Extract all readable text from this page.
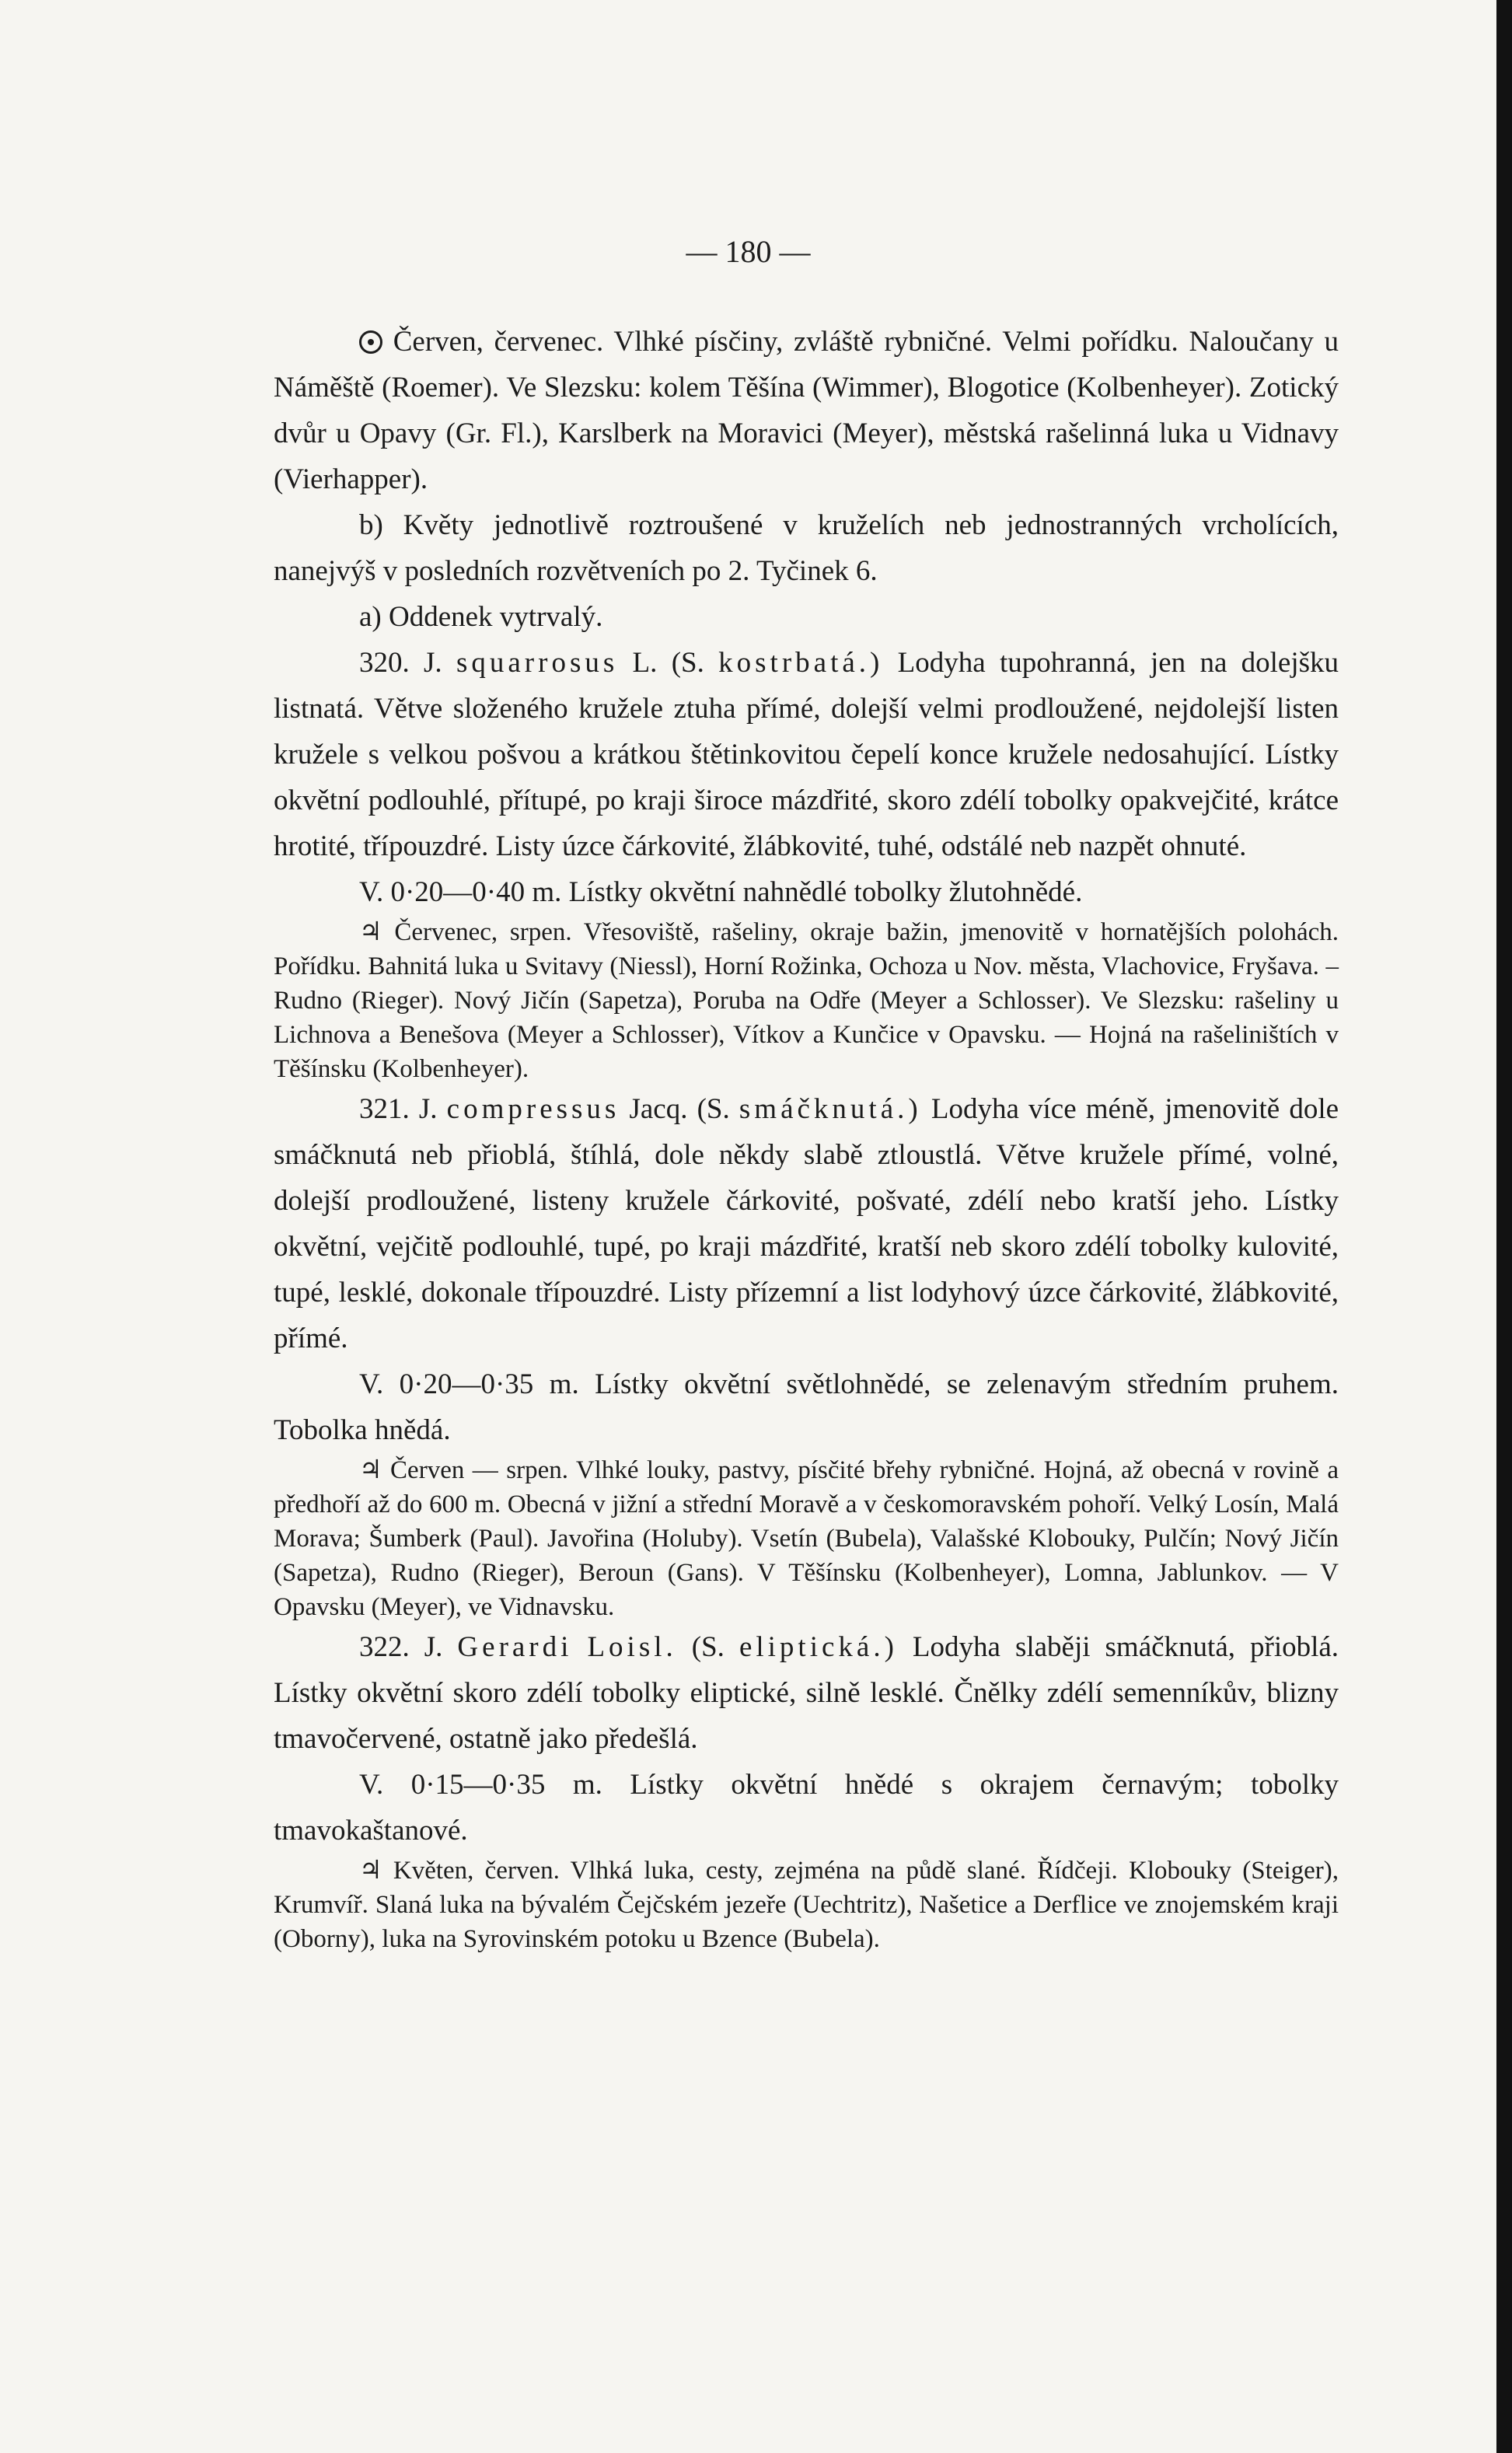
— 180 —

Červen, červenec. Vlhké písčiny, zvláště rybničné. Velmi pořídku. Naloučany u Náměště (Roemer). Ve Slezsku: kolem Těšína (Wimmer), Blogotice (Kolbenheyer). Zotický dvůr u Opavy (Gr. Fl.), Karslberk na Moravici (Meyer), městská rašelinná luka u Vidnavy (Vierhapper).

b) Květy jednotlivě roztroušené v kruželích neb jednostranných vrcholících, nanejvýš v posledních rozvětveních po 2. Tyčinek 6.

a) Oddenek vytrvalý.

320. J. squarrosus L. (S. kostrbatá.) Lodyha tupohranná, jen na dolejšku listnatá. Větve složeného kružele ztuha přímé, dolejší velmi prodloužené, nejdolejší listen kružele s velkou pošvou a krátkou štětinkovitou čepelí konce kružele nedosahující. Lístky okvětní podlouhlé, přítupé, po kraji široce mázdřité, skoro zdélí tobolky opakvejčité, krátce hrotité, třípouzdré. Listy úzce čárkovité, žlábkovité, tuhé, odstálé neb nazpět ohnuté.

V. 0·20—0·40 m. Lístky okvětní nahnědlé tobolky žlutohnědé.

♃ Červenec, srpen. Vřesoviště, rašeliny, okraje bažin, jmenovitě v hornatějších polohách. Pořídku. Bahnitá luka u Svitavy (Niessl), Horní Rožinka, Ochoza u Nov. města, Vlachovice, Fryšava. – Rudno (Rieger). Nový Jičín (Sapetza), Poruba na Odře (Meyer a Schlosser). Ve Slezsku: rašeliny u Lichnova a Benešova (Meyer a Schlosser), Vítkov a Kunčice v Opavsku. — Hojná na rašeliništích v Těšínsku (Kolbenheyer).

321. J. compressus Jacq. (S. smáčknutá.) Lodyha více méně, jmenovitě dole smáčknutá neb přioblá, štíhlá, dole někdy slabě ztloustlá. Větve kružele přímé, volné, dolejší prodloužené, listeny kružele čárkovité, pošvaté, zdélí nebo kratší jeho. Lístky okvětní, vejčitě podlouhlé, tupé, po kraji mázdřité, kratší neb skoro zdélí tobolky kulovité, tupé, lesklé, dokonale třípouzdré. Listy přízemní a list lodyhový úzce čárkovité, žlábkovité, přímé.

V. 0·20—0·35 m. Lístky okvětní světlohnědé, se zelenavým středním pruhem. Tobolka hnědá.

♃ Červen — srpen. Vlhké louky, pastvy, písčité břehy rybničné. Hojná, až obecná v rovině a předhoří až do 600 m. Obecná v jižní a střední Moravě a v českomoravském pohoří. Velký Losín, Malá Morava; Šumberk (Paul). Javořina (Holuby). Vsetín (Bubela), Valašské Klobouky, Pulčín; Nový Jičín (Sapetza), Rudno (Rieger), Beroun (Gans). V Těšínsku (Kolbenheyer), Lomna, Jablunkov. — V Opavsku (Meyer), ve Vidnavsku.

322. J. Gerardi Loisl. (S. eliptická.) Lodyha slaběji smáčknutá, přioblá. Lístky okvětní skoro zdélí tobolky eliptické, silně lesklé. Čnělky zdélí semenníkův, blizny tmavočervené, ostatně jako předešlá.

V. 0·15—0·35 m. Lístky okvětní hnědé s okrajem černavým; tobolky tmavokaštanové.

♃ Květen, červen. Vlhká luka, cesty, zejména na půdě slané. Řídčeji. Klobouky (Steiger), Krumvíř. Slaná luka na bývalém Čejčském jezeře (Uechtritz), Našetice a Derflice ve znojemském kraji (Oborny), luka na Syrovinském potoku u Bzence (Bubela).
